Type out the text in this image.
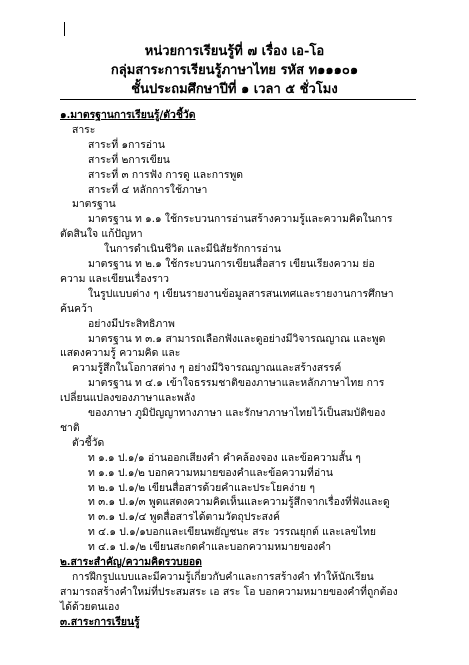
หน่วยการเรียนรู้ที่ ๗ เรื่อง เอ-โอ
กลุ่มสาระการเรียนรู้ภาษาไทย รหัส ท๑๑๑๐๑
ชั้นประถมศึกษาปีที่ ๑ เวลา ๕ ชั่วโมง
๑.มาตรฐานการเรียนรู้/ตัวชี้วัด
สาระ
สาระที่ ๑การอ่าน
สาระที่ ๒การเขียน
สาระที่ ๓ การฟัง การดู และการพูด
สาระที่ ๔ หลักการใช้ภาษา
มาตรฐาน
มาตรฐาน ท ๑.๑ ใช้กระบวนการอ่านสร้างความรู้และความคิดในการ
ตัดสินใจ แก้ปัญหา
ในการดำเนินชีวิต และมีนิสัยรักการอ่าน
มาตรฐาน ท ๒.๑ ใช้กระบวนการเขียนสื่อสาร เขียนเรียงความ ย่อ
ความ และเขียนเรื่องราว
ในรูปแบบต่าง ๆ เขียนรายงานข้อมูลสารสนเทศและรายงานการศึกษา
ค้นคว้า
อย่างมีประสิทธิภาพ
มาตรฐาน ท ๓.๑ สามารถเลือกฟังและดูอย่างมีวิจารณญาณ และพูด
แสดงความรู้ ความคิด และ
ความรู้สึกในโอกาสต่าง ๆ อย่างมีวิจารณญาณและสร้างสรรค์
มาตรฐาน ท ๔.๑ เข้าใจธรรมชาติของภาษาและหลักภาษาไทย การ
เปลี่ยนแปลงของภาษาและพลัง
ของภาษา ภูมิปัญญาทางภาษา และรักษาภาษาไทยไว้เป็นสมบัติของ
ชาติ
ตัวชี้วัด
ท ๑.๑ ป.๑/๑ อ่านออกเสียงคำ คำคล้องจอง และข้อความสั้น ๆ
ท ๑.๑ ป.๑/๒ บอกความหมายของคำและข้อความที่อ่าน
ท ๒.๑ ป.๑/๒ เขียนสื่อสารด้วยคำและประโยคง่าย ๆ
ท ๓.๑ ป.๑/๓ พูดแสดงความคิดเห็นและความรู้สึกจากเรื่องที่ฟังและดู
ท ๓.๑ ป.๑/๔ พูดสื่อสารได้ตามวัตถุประสงค์
ท ๔.๑ ป.๑/๑บอกและเขียนพยัญชนะ สระ วรรณยุกต์ และเลขไทย
ท ๔.๑ ป.๑/๒ เขียนสะกดคำและบอกความหมายของคำ
๒.สาระสำคัญ/ความคิดรวบยอด
การฝึกรูปแบบและมีความรู้เกี่ยวกับคำและการสร้างคำ ทำให้นักเรียน
สามารถสร้างคำใหม่ที่ประสมสระ เอ สระ โอ บอกความหมายของคำที่ถูกต้อง
ได้ด้วยตนเอง
๓.สาระการเรียนรู้
